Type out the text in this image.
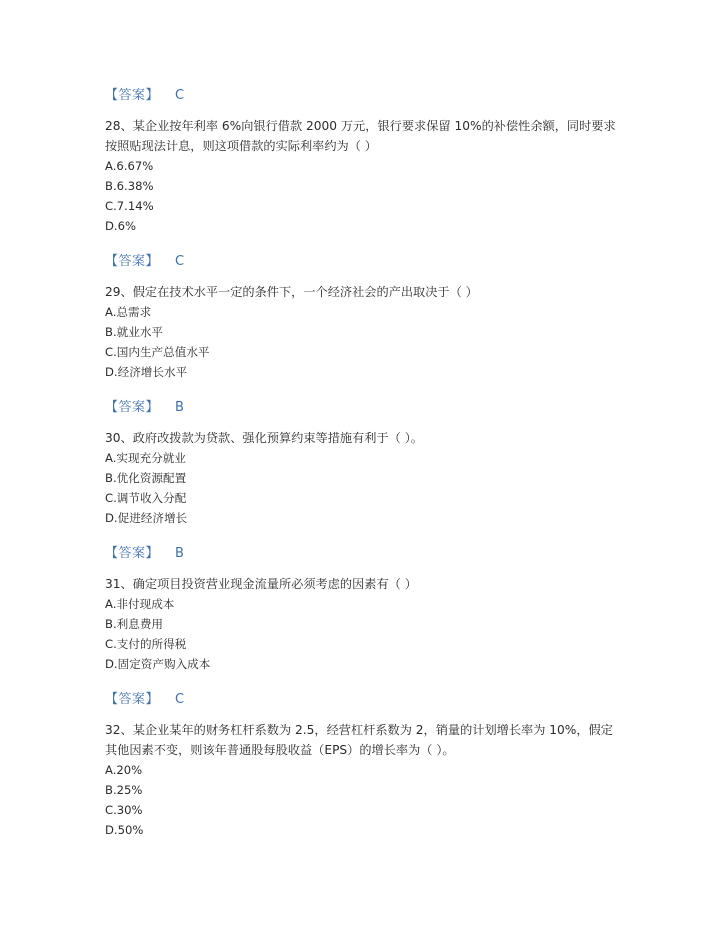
【答案】 C

28、某企业按年利率 6%向银行借款 2000 万元，银行要求保留 10%的补偿性余额，同时要求按照贴现法计息，则这项借款的实际利率约为（ ）

A.6.67%

B.6.38%

C.7.14%

D.6%

【答案】 C

29、假定在技术水平一定的条件下，一个经济社会的产出取决于（ ）

A.总需求

B.就业水平

C.国内生产总值水平

D.经济增长水平

【答案】 B

30、政府改拨款为贷款、强化预算约束等措施有利于（ ）。

A.实现充分就业

B.优化资源配置

C.调节收入分配

D.促进经济增长

【答案】 B

31、确定项目投资营业现金流量所必须考虑的因素有（ ）

A.非付现成本

B.利息费用

C.支付的所得税

D.固定资产购入成本

【答案】 C

32、某企业某年的财务杠杆系数为 2.5，经营杠杆系数为 2，销量的计划增长率为 10%，假定其他因素不变，则该年普通股每股收益（EPS）的增长率为（ ）。

A.20%

B.25%

C.30%

D.50%
